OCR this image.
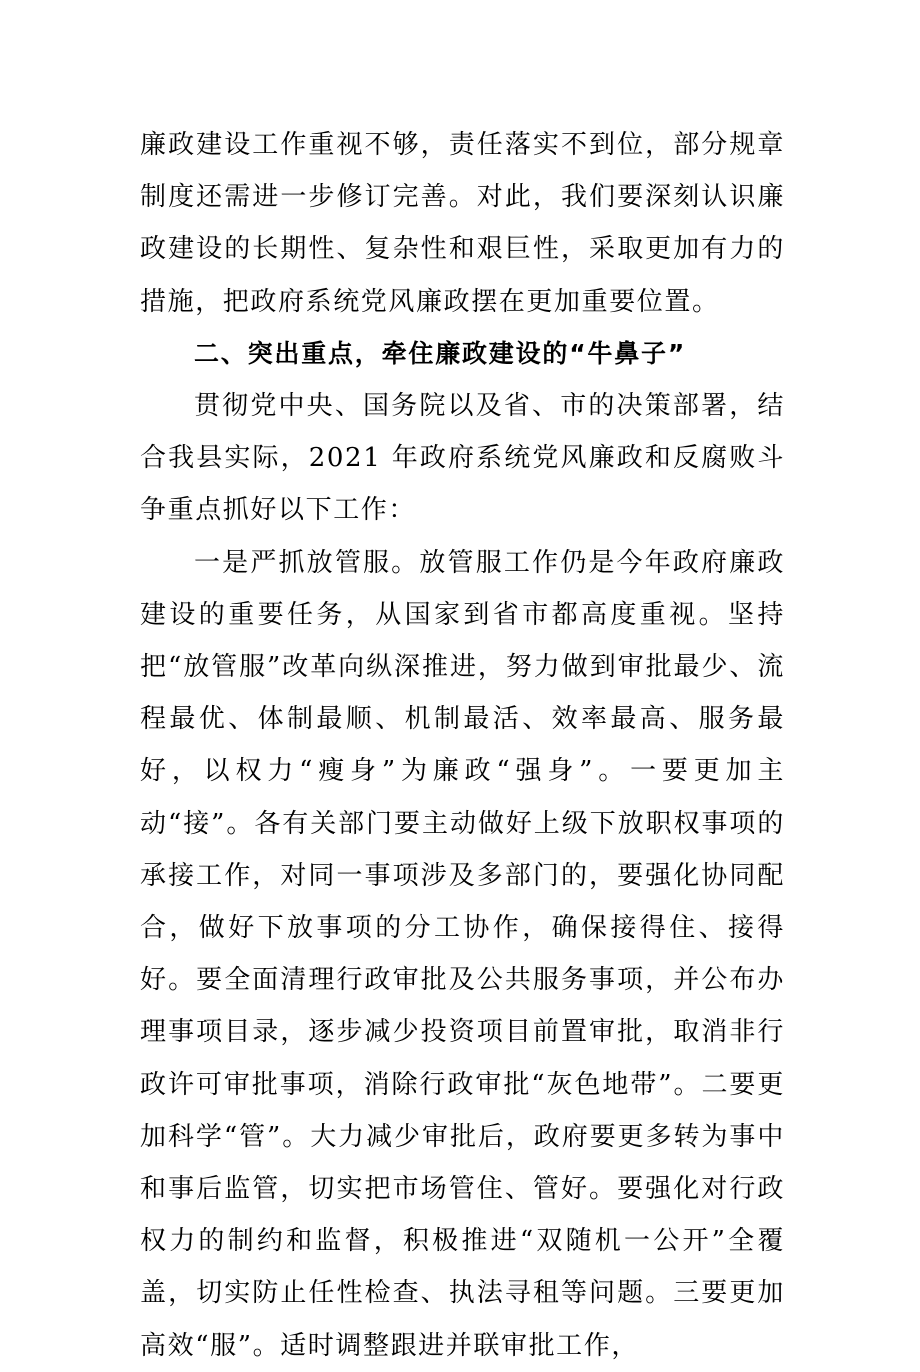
廉政建设工作重视不够，责任落实不到位，部分规章制度还需进一步修订完善。对此，我们要深刻认识廉政建设的长期性、复杂性和艰巨性，采取更加有力的措施，把政府系统党风廉政摆在更加重要位置。

二、突出重点，牵住廉政建设的“牛鼻子”

贯彻党中央、国务院以及省、市的决策部署，结合我县实际，2021 年政府系统党风廉政和反腐败斗争重点抓好以下工作：

一是严抓放管服。放管服工作仍是今年政府廉政建设的重要任务，从国家到省市都高度重视。坚持把“放管服”改革向纵深推进，努力做到审批最少、流程最优、体制最顺、机制最活、效率最高、服务最好，以权力“瘦身”为廉政“强身”。一要更加主动“接”。各有关部门要主动做好上级下放职权事项的承接工作，对同一事项涉及多部门的，要强化协同配合，做好下放事项的分工协作，确保接得住、接得好。要全面清理行政审批及公共服务事项，并公布办理事项目录，逐步减少投资项目前置审批，取消非行政许可审批事项，消除行政审批“灰色地带”。二要更加科学“管”。大力减少审批后，政府要更多转为事中和事后监管，切实把市场管住、管好。要强化对行政权力的制约和监督，积极推进“双随机一公开”全覆盖，切实防止任性检查、执法寻租等问题。三要更加高效“服”。适时调整跟进并联审批工作，
